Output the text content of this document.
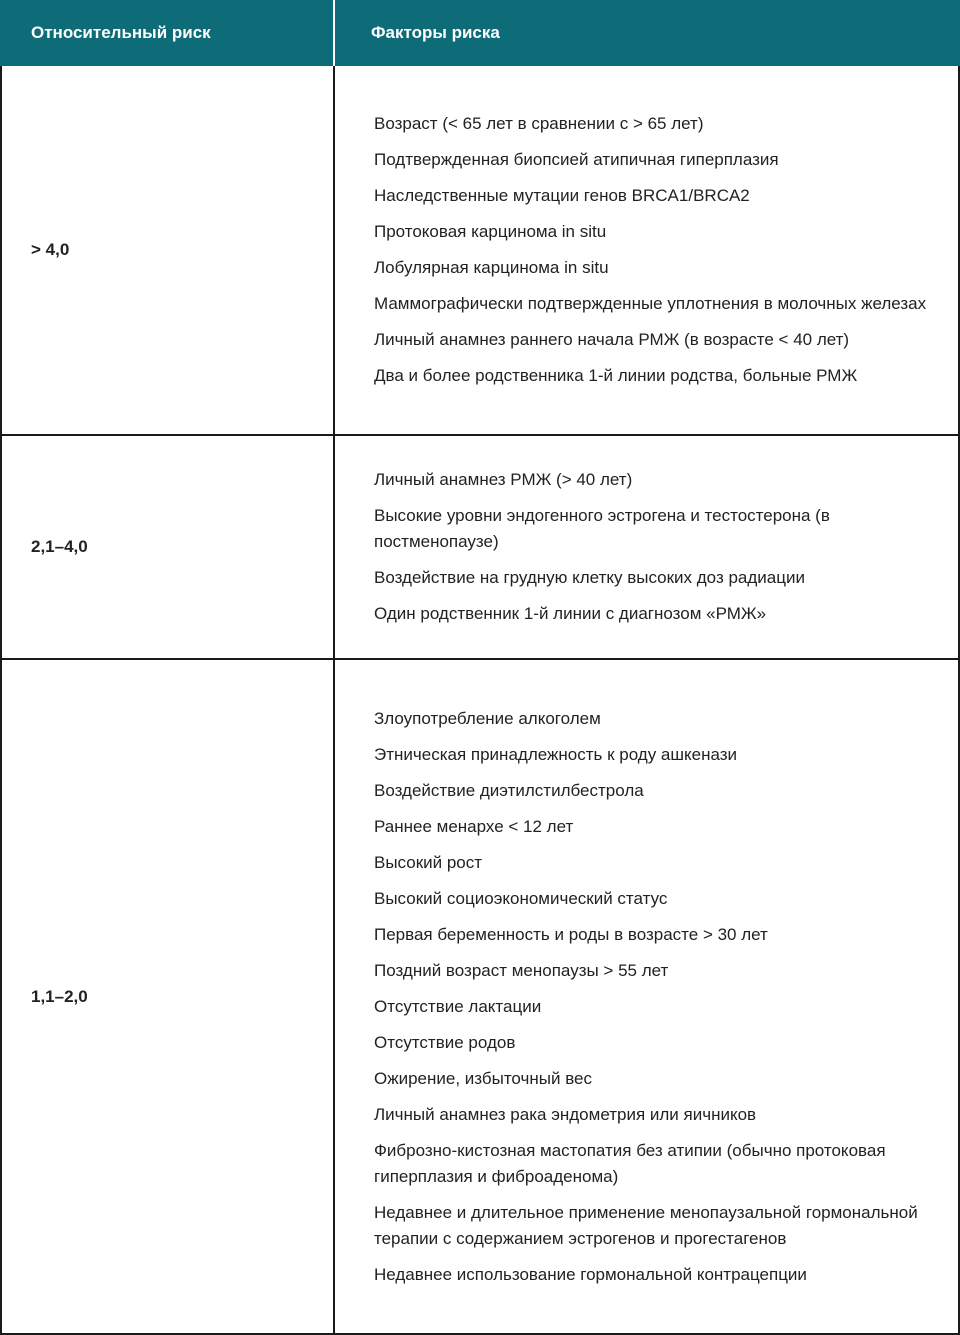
Относительный риск	Факторы риска
> 4,0
Возраст (< 65 лет в сравнении с > 65 лет)
Подтвержденная биопсией атипичная гиперплазия
Наследственные мутации генов BRCA1/BRCA2
Протоковая карцинома in situ
Лобулярная карцинома in situ
Маммографически подтвержденные уплотнения в молочных железах
Личный анамнез раннего начала РМЖ (в возрасте < 40 лет)
Два и более родственника 1-й линии родства, больные РМЖ
2,1–4,0
Личный анамнез РМЖ (> 40 лет)
Высокие уровни эндогенного эстрогена и тестостерона (в постменопаузе)
Воздействие на грудную клетку высоких доз радиации
Один родственник 1-й линии с диагнозом «РМЖ»
1,1–2,0
Злоупотребление алкоголем
Этническая принадлежность к роду ашкенази
Воздействие диэтилстилбестрола
Раннее менархе < 12 лет
Высокий рост
Высокий социоэкономический статус
Первая беременность и роды в возрасте > 30 лет
Поздний возраст менопаузы > 55 лет
Отсутствие лактации
Отсутствие родов
Ожирение, избыточный вес
Личный анамнез рака эндометрия или яичников
Фиброзно-кистозная мастопатия без атипии (обычно протоковая гиперплазия и фиброаденома)
Недавнее и длительное применение менопаузальной гормональной терапии с содержанием эстрогенов и прогестагенов
Недавнее использование гормональной контрацепции
